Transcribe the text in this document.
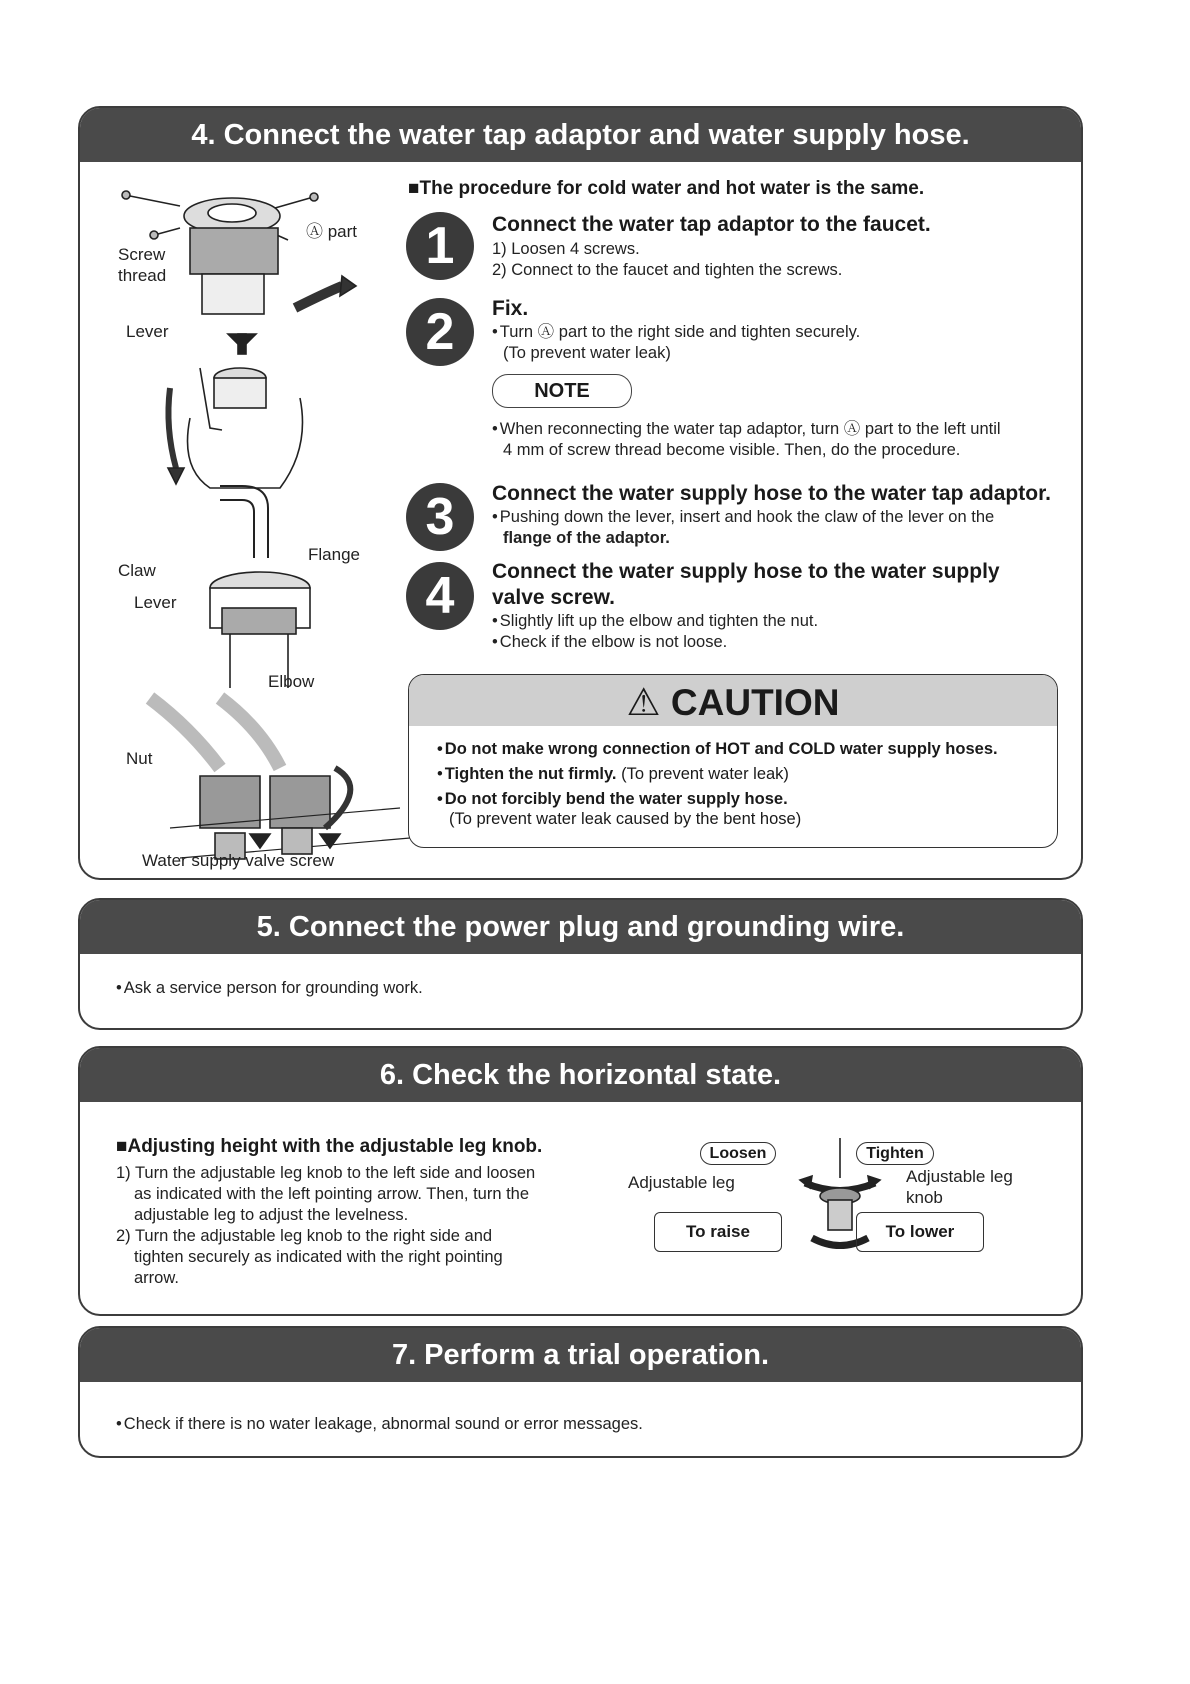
4. Connect the water tap adaptor and water supply hose.
Ⓐ part
Screw
thread
Lever
Flange
Claw
Lever
Elbow
Nut
Water supply valve screw
■The procedure for cold water and hot water is the same.
1	Connect the water tap adaptor to the faucet.
1) Loosen 4 screws.
2) Connect to the faucet and tighten the screws.
2	Fix.
• Turn Ⓐ part to the right side and tighten securely.
(To prevent water leak)
NOTE
• When reconnecting the water tap adaptor, turn Ⓐ part to the left until
4 mm of screw thread become visible. Then, do the procedure.
3	Connect the water supply hose to the water tap adaptor.
• Pushing down the lever, insert and hook the claw of the lever on the
flange of the adaptor.
4	Connect the water supply hose to the water supply
valve screw.
• Slightly lift up the elbow and tighten the nut.
• Check if the elbow is not loose.
⚠ CAUTION
• Do not make wrong connection of HOT and COLD water supply hoses.
• Tighten the nut firmly. (To prevent water leak)
• Do not forcibly bend the water supply hose.
(To prevent water leak caused by the bent hose)
5. Connect the power plug and grounding wire.
• Ask a service person for grounding work.
6. Check the horizontal state.
■Adjusting height with the adjustable leg knob.
1) Turn the adjustable leg knob to the left side and loosen
as indicated with the left pointing arrow. Then, turn the
adjustable leg to adjust the levelness.
2) Turn the adjustable leg knob to the right side and
tighten securely as indicated with the right pointing
arrow.
Loosen	Tighten
Adjustable leg	Adjustable leg
knob
To raise	To lower
7. Perform a trial operation.
• Check if there is no water leakage, abnormal sound or error messages.
